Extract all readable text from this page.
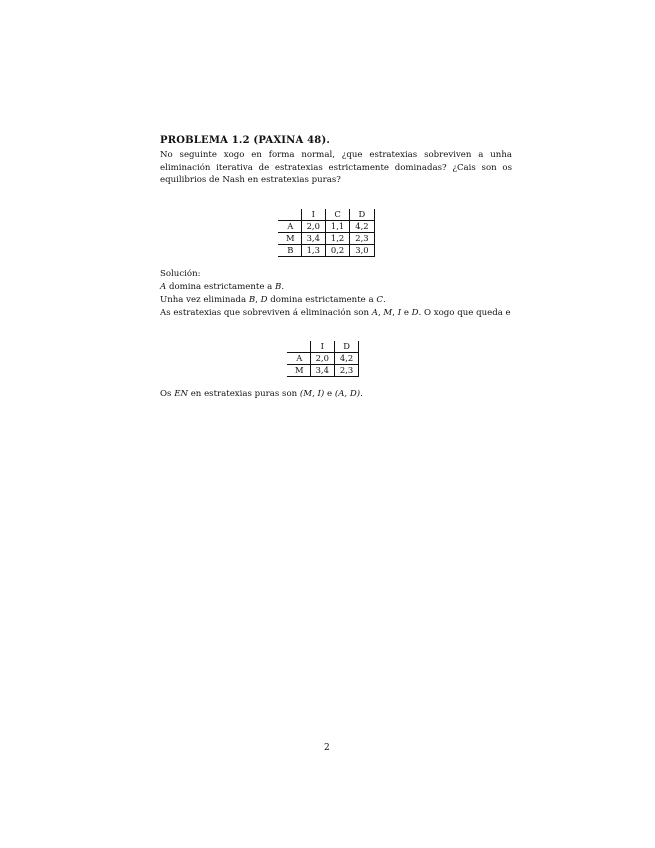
PROBLEMA 1.2 (PAXINA 48).
No seguinte xogo en forma normal, ¿que estratexias sobreviven a unha eliminación iterativa de estratexias estrictamente dominadas? ¿Cais son os equilibrios de Nash en estratexias puras?
	I	C	D
A	2,0	1,1	4,2
M	3,4	1,2	2,3
B	1,3	0,2	3,0
Solución:
A domina estrictamente a B.
Unha vez eliminada B, D domina estrictamente a C.
As estratexias que sobreviven á eliminación son A, M, I e D. O xogo que queda e
	I	D
A	2,0	4,2
M	3,4	2,3
Os EN en estratexias puras son (M, I) e (A, D).
2
